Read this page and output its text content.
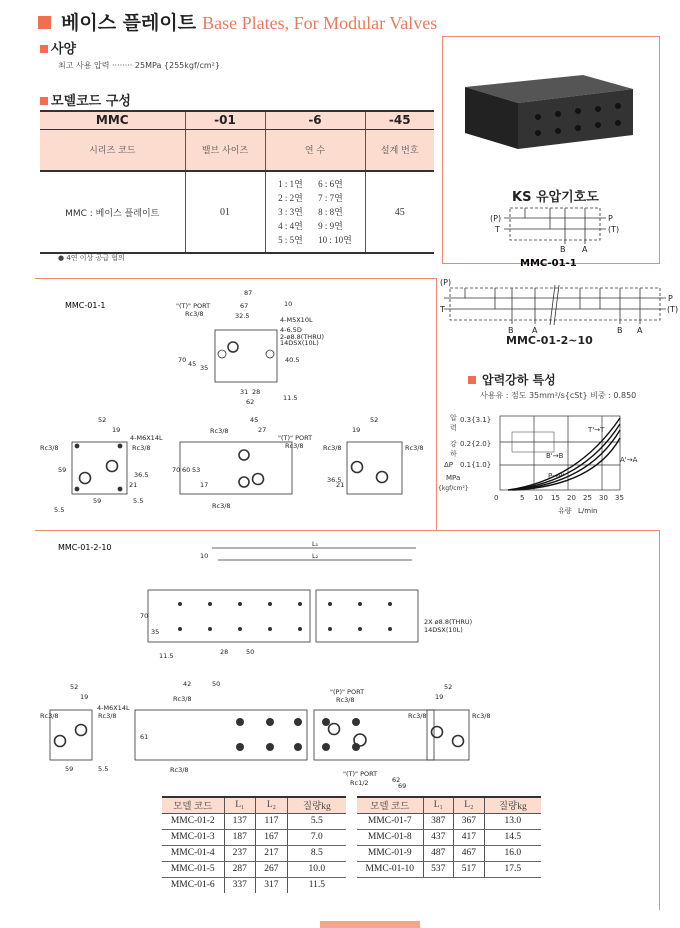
베이스 플레이트 Base Plates, For Modular Valves
사양
최고 사용 압력 ········ 25MPa {255kgf/cm²}
모델코드 구성
MMC	-01	-6	-45
시리즈 코드	밸브 사이즈	연 수	설계 번호
MMC : 베이스 플레이트	01	1 : 1연 6 : 6연
2 : 2연 7 : 7연
3 : 3연 8 : 8연
4 : 4연 9 : 9연
5 : 5연 10 : 10연	45
● 4연 이상 공급 협의
KS 유압기호도
(P)
T
P
(T)
B A
(P)
T
P
(T)
B A	B A
MMC-01-1
MMC-01-2~10
압력강하 특성
사용유 : 점도 35mm²/s{cSt} 비중 : 0.850
압
력
강
하
ΔP
0.3{3.1}
0.2{2.0}
0.1{1.0}
MPa
{kgf/cm²}
0	5 10 15 20 25 30 35
유량 L/min
T'→T
B'→B	A'→A
P→P'
MMC-01-1
87
67	10
32.5	4-M5X10L
4-6.5D
2-ø8.8(THRU)
14DSX(10L)
70 45 35
40.5
31 28
62	11.5
"(T)" PORT
Rc3/8
52
19
4-M6X14L
Rc3/8	Rc3/8
59
36.5
21
59	5.5
5.5
45
27
Rc3/8
"(T)" PORT
Rc3/8
70 60 53
17
Rc3/8
52
19
Rc3/8	Rc3/8
36.5
21
MMC-01-2-10	L₁
L₂
10
70
35
11.5	28	50
2X ø8.8(THRU)
14DSX(10L)
52
19
4-M6X14L
Rc3/8	Rc3/8
59	5.5
42	50
Rc3/8
Rc3/8
61
"(P)" PORT
Rc3/8
"(T)" PORT
Rc1/2	62
69
52
19
Rc3/8	Rc3/8
모델 코드	L₁	L₂	질량kg
MMC-01-2	137	117	5.5
MMC-01-3	187	167	7.0
MMC-01-4	237	217	8.5
MMC-01-5	287	267	10.0
MMC-01-6	337	317	11.5
모델 코드	L₁	L₂	질량kg
MMC-01-7	387	367	13.0
MMC-01-8	437	417	14.5
MMC-01-9	487	467	16.0
MMC-01-10	537	517	17.5
